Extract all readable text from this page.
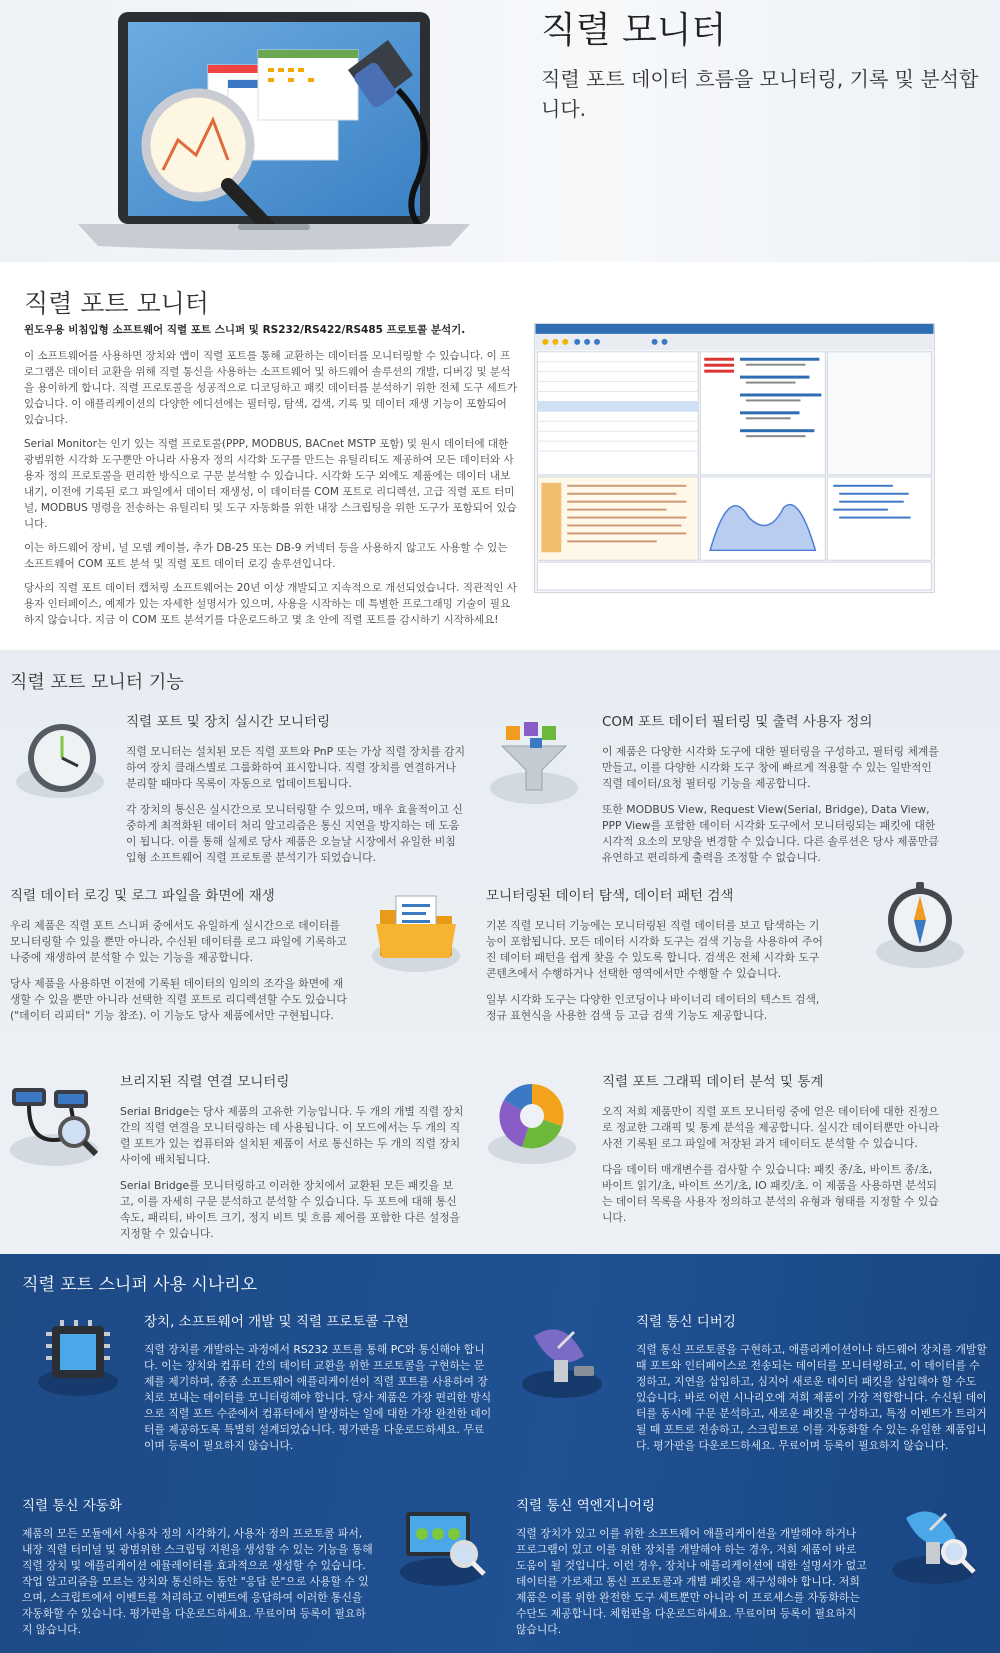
직렬 모니터

직렬 포트 데이터 흐름을 모니터링, 기록 및 분석합니다.

직렬 포트 모니터

윈도우용 비침입형 소프트웨어 직렬 포트 스니퍼 및 RS232/RS422/RS485 프로토콜 분석기.

이 소프트웨어를 사용하면 장치와 앱이 직렬 포트를 통해 교환하는 데이터를 모니터링할 수 있습니다. 이 프로그램은 데이터 교환을 위해 직렬 통신을 사용하는 소프트웨어 및 하드웨어 솔루션의 개발, 디버깅 및 분석을 용이하게 합니다. 직렬 프로토콜을 성공적으로 디코딩하고 패킷 데이터를 분석하기 위한 전체 도구 세트가 있습니다. 이 애플리케이션의 다양한 에디션에는 필터링, 탐색, 검색, 기록 및 데이터 재생 기능이 포함되어 있습니다.

Serial Monitor는 인기 있는 직렬 프로토콜(PPP, MODBUS, BACnet MSTP 포함) 및 원시 데이터에 대한 광범위한 시각화 도구뿐만 아니라 사용자 정의 시각화 도구를 만드는 유틸리티도 제공하여 모든 데이터와 사용자 정의 프로토콜을 편리한 방식으로 구문 분석할 수 있습니다. 시각화 도구 외에도 제품에는 데이터 내보내기, 이전에 기록된 로그 파일에서 데이터 재생성, 이 데이터를 COM 포트로 리디렉션, 고급 직렬 포트 터미널, MODBUS 명령을 전송하는 유틸리티 및 도구 자동화를 위한 내장 스크립팅을 위한 도구가 포함되어 있습니다.

이는 하드웨어 장비, 널 모뎀 케이블, 추가 DB-25 또는 DB-9 커넥터 등을 사용하지 않고도 사용할 수 있는 소프트웨어 COM 포트 분석 및 직렬 포트 데이터 로깅 솔루션입니다.

당사의 직렬 포트 데이터 캡처링 소프트웨어는 20년 이상 개발되고 지속적으로 개선되었습니다. 직관적인 사용자 인터페이스, 예제가 있는 자세한 설명서가 있으며, 사용을 시작하는 데 특별한 프로그래밍 기술이 필요하지 않습니다. 지금 이 COM 포트 분석기를 다운로드하고 몇 초 안에 직렬 포트를 감시하기 시작하세요!

직렬 포트 모니터 기능
직렬 포트 및 장치 실시간 모니터링

직렬 모니터는 설치된 모든 직렬 포트와 PnP 또는 가상 직렬 장치를 감지하여 장치 클래스별로 그룹화하여 표시합니다. 직렬 장치를 연결하거나 분리할 때마다 목록이 자동으로 업데이트됩니다.

각 장치의 통신은 실시간으로 모니터링할 수 있으며, 매우 효율적이고 신중하게 최적화된 데이터 처리 알고리즘은 통신 지연을 방지하는 데 도움이 됩니다. 이를 통해 실제로 당사 제품은 오늘날 시장에서 유일한 비침입형 소프트웨어 직렬 프로토콜 분석기가 되었습니다.

COM 포트 데이터 필터링 및 출력 사용자 정의

이 제품은 다양한 시각화 도구에 대한 필터링을 구성하고, 필터링 체계를 만들고, 이를 다양한 시각화 도구 창에 빠르게 적용할 수 있는 일반적인 직렬 데이터/요청 필터링 기능을 제공합니다.

또한 MODBUS View, Request View(Serial, Bridge), Data View, PPP View를 포함한 데이터 시각화 도구에서 모니터링되는 패킷에 대한 시각적 요소의 모양을 변경할 수 있습니다. 다른 솔루션은 당사 제품만큼 유연하고 편리하게 출력을 조정할 수 없습니다.

직렬 데이터 로깅 및 로그 파일을 화면에 재생

우리 제품은 직렬 포트 스니퍼 중에서도 유일하게 실시간으로 데이터를 모니터링할 수 있을 뿐만 아니라, 수신된 데이터를 로그 파일에 기록하고 나중에 재생하여 분석할 수 있는 기능을 제공합니다.

당사 제품을 사용하면 이전에 기록된 데이터의 임의의 조각을 화면에 재생할 수 있을 뿐만 아니라 선택한 직렬 포트로 리디렉션할 수도 있습니다("데이터 리피터" 기능 참조). 이 기능도 당사 제품에서만 구현됩니다.

모니터링된 데이터 탐색, 데이터 패턴 검색

기본 직렬 모니터 기능에는 모니터링된 직렬 데이터를 보고 탐색하는 기능이 포함됩니다. 모든 데이터 시각화 도구는 검색 기능을 사용하여 주어진 데이터 패턴을 쉽게 찾을 수 있도록 합니다. 검색은 전체 시각화 도구 콘텐츠에서 수행하거나 선택한 영역에서만 수행할 수 있습니다.

일부 시각화 도구는 다양한 인코딩이나 바이너리 데이터의 텍스트 검색, 정규 표현식을 사용한 검색 등 고급 검색 기능도 제공합니다.

브리지된 직렬 연결 모니터링

Serial Bridge는 당사 제품의 고유한 기능입니다. 두 개의 개별 직렬 장치 간의 직렬 연결을 모니터링하는 데 사용됩니다. 이 모드에서는 두 개의 직렬 포트가 있는 컴퓨터와 설치된 제품이 서로 통신하는 두 개의 직렬 장치 사이에 배치됩니다.

Serial Bridge를 모니터링하고 이러한 장치에서 교환된 모든 패킷을 보고, 이를 자세히 구문 분석하고 분석할 수 있습니다. 두 포트에 대해 통신 속도, 패리티, 바이트 크기, 정지 비트 및 흐름 제어를 포함한 다른 설정을 지정할 수 있습니다.

직렬 포트 그래픽 데이터 분석 및 통계

오직 저희 제품만이 직렬 포트 모니터링 중에 얻은 데이터에 대한 진정으로 정교한 그래픽 및 통계 분석을 제공합니다. 실시간 데이터뿐만 아니라 사전 기록된 로그 파일에 저장된 과거 데이터도 분석할 수 있습니다.

다음 데이터 매개변수를 검사할 수 있습니다: 패킷 종/초, 바이트 종/초, 바이트 읽기/초, 바이트 쓰기/초, IO 패킷/초. 이 제품을 사용하면 분석되는 데이터 목록을 사용자 정의하고 분석의 유형과 형태를 지정할 수 있습니다.

직렬 포트 스니퍼 사용 시나리오
장치, 소프트웨어 개발 및 직렬 프로토콜 구현

직렬 장치를 개발하는 과정에서 RS232 포트를 통해 PC와 통신해야 합니다. 이는 장치와 컴퓨터 간의 데이터 교환을 위한 프로토콜을 구현하는 문제를 제기하며, 종종 소프트웨어 애플리케이션이 직렬 포트를 사용하여 장치로 보내는 데이터를 모니터링해야 합니다. 당사 제품은 가장 편리한 방식으로 직렬 포트 수준에서 컴퓨터에서 발생하는 일에 대한 가장 완전한 데이터를 제공하도록 특별히 설계되었습니다. 평가판을 다운로드하세요. 무료이며 등록이 필요하지 않습니다.

직렬 통신 디버깅

직렬 통신 프로토콜을 구현하고, 애플리케이션이나 하드웨어 장치를 개발할 때 포트와 인터페이스로 전송되는 데이터를 모니터링하고, 이 데이터를 수정하고, 지연을 삽입하고, 심지어 새로운 데이터 패킷을 삽입해야 할 수도 있습니다. 바로 이런 시나리오에 저희 제품이 가장 적합합니다. 수신된 데이터를 동시에 구문 분석하고, 새로운 패킷을 구성하고, 특정 이벤트가 트리거될 때 포트로 전송하고, 스크립트로 이를 자동화할 수 있는 유일한 제품입니다. 평가판을 다운로드하세요. 무료이며 등록이 필요하지 않습니다.

직렬 통신 자동화

제품의 모든 모듈에서 사용자 정의 시각화기, 사용자 정의 프로토콜 파서, 내장 직렬 터미널 및 광범위한 스크립팅 지원을 생성할 수 있는 기능을 통해 직렬 장치 및 애플리케이션 에뮬레이터를 효과적으로 생성할 수 있습니다. 작업 알고리즘을 모르는 장치와 통신하는 동안 "응답 분"으로 사용할 수 있으며, 스크립트에서 이벤트를 처리하고 이벤트에 응답하여 이러한 통신을 자동화할 수 있습니다. 평가판을 다운로드하세요. 무료이며 등록이 필요하지 않습니다.

직렬 통신 역엔지니어링

직렬 장치가 있고 이를 위한 소프트웨어 애플리케이션을 개발해야 하거나 프로그램이 있고 이를 위한 장치를 개발해야 하는 경우, 저희 제품이 바로 도움이 될 것입니다. 이런 경우, 장치나 애플리케이션에 대한 설명서가 없고 데이터를 가로채고 통신 프로토콜과 개별 패킷을 재구성해야 합니다. 저희 제품은 이를 위한 완전한 도구 세트뿐만 아니라 이 프로세스를 자동화하는 수단도 제공합니다. 체험판을 다운로드하세요. 무료이며 등록이 필요하지 않습니다.
